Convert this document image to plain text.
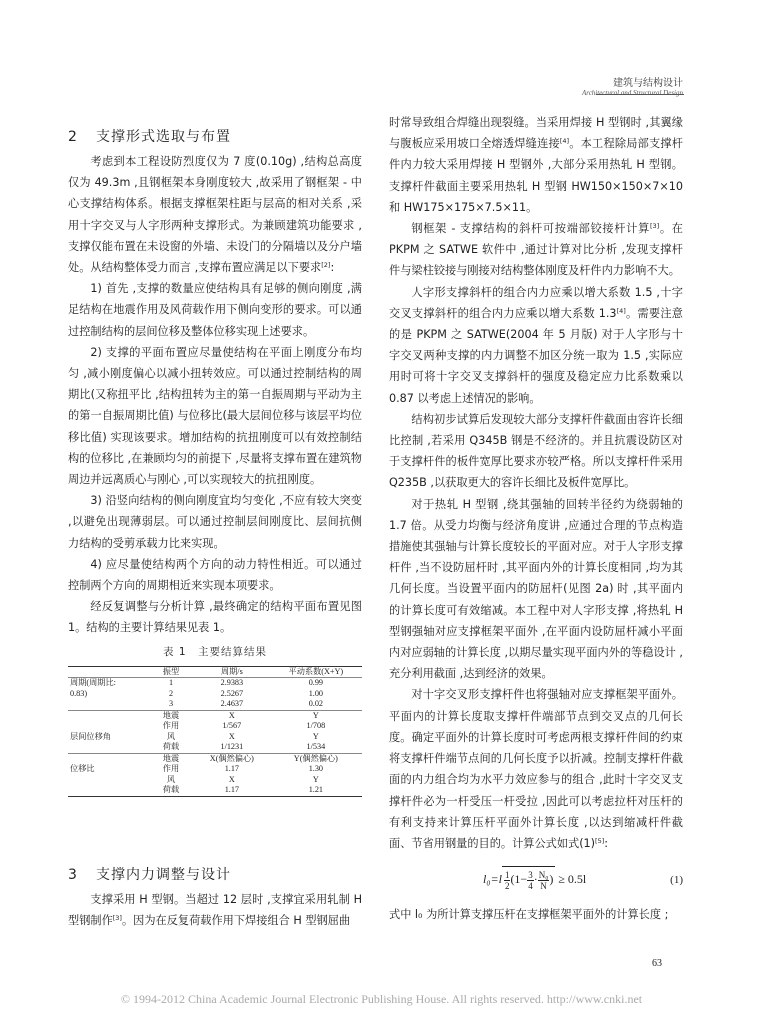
建筑与结构设计
Architectural and Structural Design
2 支撑形式选取与布置
考虑到本工程设防烈度仅为 7 度(0.10g) ,结构总高度仅为 49.3m ,且钢框架本身刚度较大 ,故采用了钢框架 - 中心支撑结构体系。根据支撑框架柱距与层高的相对关系 ,采用十字交叉与人字形两种支撑形式。为兼顾建筑功能要求 ,支撑仅能布置在未设窗的外墙、未设门的分隔墙以及分户墙处。从结构整体受力而言 ,支撑布置应满足以下要求[2]:
1) 首先 ,支撑的数量应使结构具有足够的侧向刚度 ,满足结构在地震作用及风荷载作用下侧向变形的要求。可以通过控制结构的层间位移及整体位移实现上述要求。
2) 支撑的平面布置应尽量使结构在平面上刚度分布均匀 ,减小刚度偏心以减小扭转效应。可以通过控制结构的周期比(又称扭平比 ,结构扭转为主的第一自振周期与平动为主的第一自振周期比值) 与位移比(最大层间位移与该层平均位移比值) 实现该要求。增加结构的抗扭刚度可以有效控制结构的位移比 ,在兼顾均匀的前提下 ,尽量将支撑布置在建筑物周边并远离质心与刚心 ,可以实现较大的抗扭刚度。
3) 沿竖向结构的侧向刚度宜均匀变化 ,不应有较大突变 ,以避免出现薄弱层。可以通过控制层间刚度比、层间抗侧力结构的受剪承载力比来实现。
4) 应尽量使结构两个方向的动力特性相近。可以通过控制两个方向的周期相近来实现本项要求。
经反复调整与分析计算 ,最终确定的结构平面布置见图 1。结构的主要计算结果见表 1。
表 1　主要结算结果
	振型	周期/s	平动系数(X+Y)
周期(周期比:	1	2.9383	0.99
0.83)	2	2.5267	1.00
	3	2.4637	0.02
	地震	X	Y
	作用	1/567	1/708
层间位移角	风	X	Y
	荷载	1/1231	1/534
	地震	X(偶然偏心)	Y(偶然偏心)
位移比	作用	1.17	1.30
	风	X	Y
	荷载	1.17	1.21
3 支撑内力调整与设计
支撑采用 H 型钢。当超过 12 层时 ,支撑宜采用轧制 H 型钢制作[3]。因为在反复荷载作用下焊接组合 H 型钢屈曲
时常导致组合焊缝出现裂缝。当采用焊接 H 型钢时 ,其翼缘与腹板应采用坡口全熔透焊缝连接[4]。本工程除局部支撑杆件内力较大采用焊接 H 型钢外 ,大部分采用热轧 H 型钢。支撑杆件截面主要采用热轧 H 型钢 HW150×150×7×10 和 HW175×175×7.5×11。
钢框架 - 支撑结构的斜杆可按端部铰接杆计算[3]。在 PKPM 之 SATWE 软件中 ,通过计算对比分析 ,发现支撑杆件与梁柱铰接与刚接对结构整体刚度及杆件内力影响不大。
人字形支撑斜杆的组合内力应乘以增大系数 1.5 ,十字交叉支撑斜杆的组合内力应乘以增大系数 1.3[4]。需要注意的是 PKPM 之 SATWE(2004 年 5 月版) 对于人字形与十字交叉两种支撑的内力调整不加区分统一取为 1.5 ,实际应用时可将十字交叉支撑斜杆的强度及稳定应力比系数乘以 0.87 以考虑上述情况的影响。
结构初步试算后发现较大部分支撑杆件截面由容许长细比控制 ,若采用 Q345B 钢是不经济的。并且抗震设防区对于支撑杆件的板件宽厚比要求亦较严格。所以支撑杆件采用 Q235B ,以获取更大的容许长细比及板件宽厚比。
对于热轧 H 型钢 ,绕其强轴的回转半径约为绕弱轴的 1.7 倍。从受力均衡与经济角度讲 ,应通过合理的节点构造措施使其强轴与计算长度较长的平面对应。对于人字形支撑杆件 ,当不设防屈杆时 ,其平面内外的计算长度相同 ,均为其几何长度。当设置平面内的防屈杆(见图 2a) 时 ,其平面内的计算长度可有效缩减。本工程中对人字形支撑 ,将热轧 H 型钢强轴对应支撑框架平面外 ,在平面内设防屈杆减小平面内对应弱轴的计算长度 ,以期尽量实现平面内外的等稳设计 ,充分利用截面 ,达到经济的效果。
对十字交叉形支撑杆件也将强轴对应支撑框架平面外。平面内的计算长度取支撑杆件端部节点到交叉点的几何长度。确定平面外的计算长度时可考虑两根支撑杆件间的约束将支撑杆件端节点间的几何长度予以折减。控制支撑杆件截面的内力组合均为水平力效应参与的组合 ,此时十字交叉支撑杆件必为一杆受压一杆受拉 ,因此可以考虑拉杆对压杆的有利支持来计算压杆平面外计算长度 ,以达到缩减杆件截面、节省用钢量的目的。计算公式如式(1)[5]:
$l_0=l \frac{1}{2} (1- \frac{3}{4} \cdot \frac{\text{N₀}}{N}$ ) ≥ 0.5l	(1)
式中 l₀ 为所计算支撑压杆在支撑框架平面外的计算长度 ;
63
© 1994-2012 China Academic Journal Electronic Publishing House. All rights reserved. http://www.cnki.net
